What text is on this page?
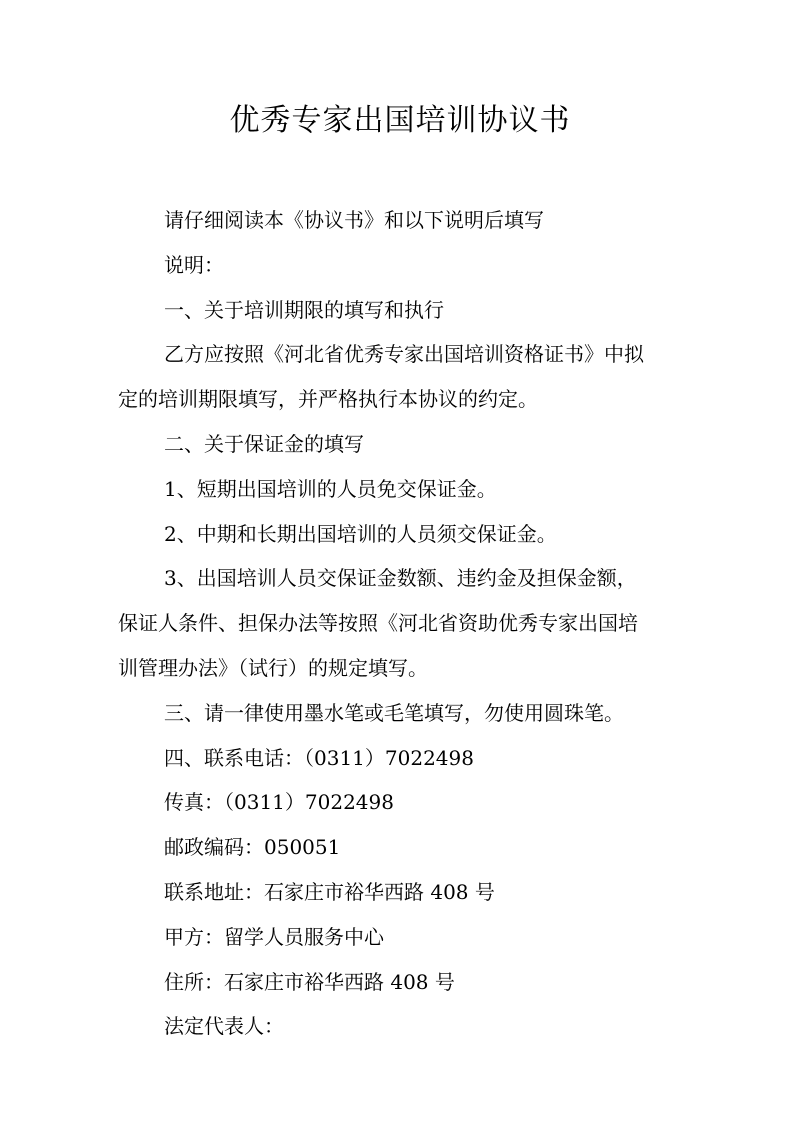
优秀专家出国培训协议书

请仔细阅读本《协议书》和以下说明后填写

说明：

一、关于培训期限的填写和执行

乙方应按照《河北省优秀专家出国培训资格证书》中拟

定的培训期限填写，并严格执行本协议的约定。

二、关于保证金的填写

1、短期出国培训的人员免交保证金。

2、中期和长期出国培训的人员须交保证金。

3、出国培训人员交保证金数额、违约金及担保金额，

保证人条件、担保办法等按照《河北省资助优秀专家出国培

训管理办法》（试行）的规定填写。

三、请一律使用墨水笔或毛笔填写，勿使用圆珠笔。

四、联系电话：（0311）7022498

传真：（0311）7022498

邮政编码：050051

联系地址：石家庄市裕华西路 408 号

甲方：留学人员服务中心

住所：石家庄市裕华西路 408 号

法定代表人：
